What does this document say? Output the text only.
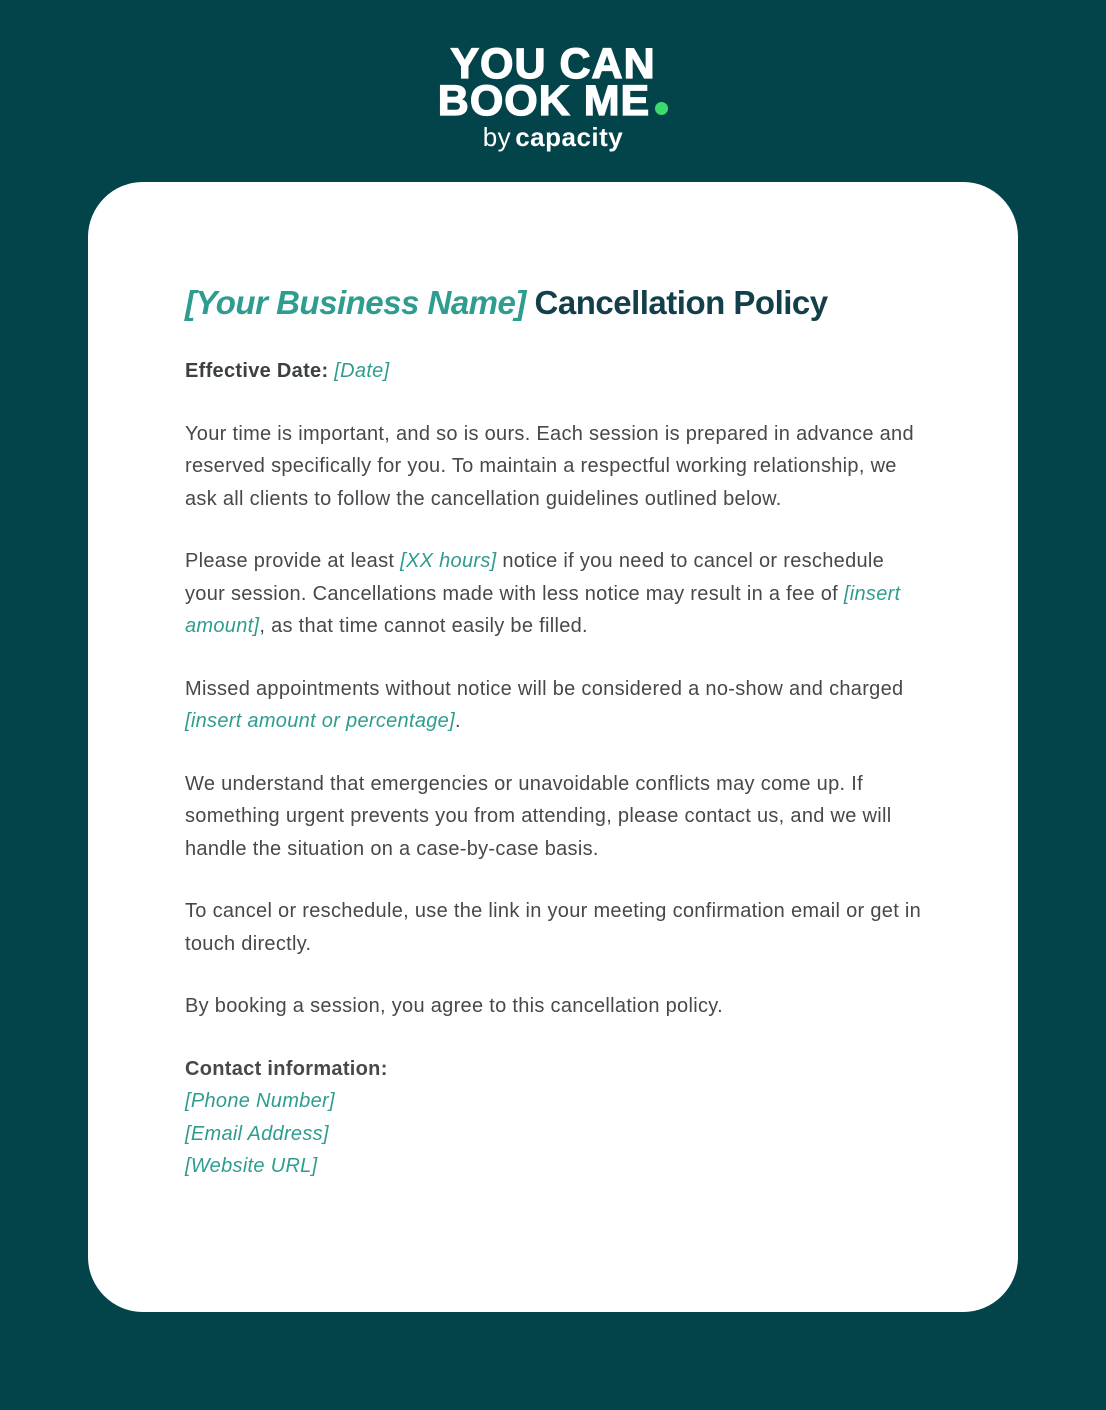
YOU CAN
BOOK ME
by capacity
[Your Business Name] Cancellation Policy

Effective Date: [Date]

Your time is important, and so is ours. Each session is prepared in advance and reserved specifically for you. To maintain a respectful working relationship, we ask all clients to follow the cancellation guidelines outlined below.

Please provide at least [XX hours] notice if you need to cancel or reschedule your session. Cancellations made with less notice may result in a fee of [insert amount], as that time cannot easily be filled.

Missed appointments without notice will be considered a no-show and charged [insert amount or percentage].

We understand that emergencies or unavoidable conflicts may come up. If something urgent prevents you from attending, please contact us, and we will handle the situation on a case-by-case basis.

To cancel or reschedule, use the link in your meeting confirmation email or get in touch directly.

By booking a session, you agree to this cancellation policy.

Contact information:

[Phone Number]
[Email Address]
[Website URL]
